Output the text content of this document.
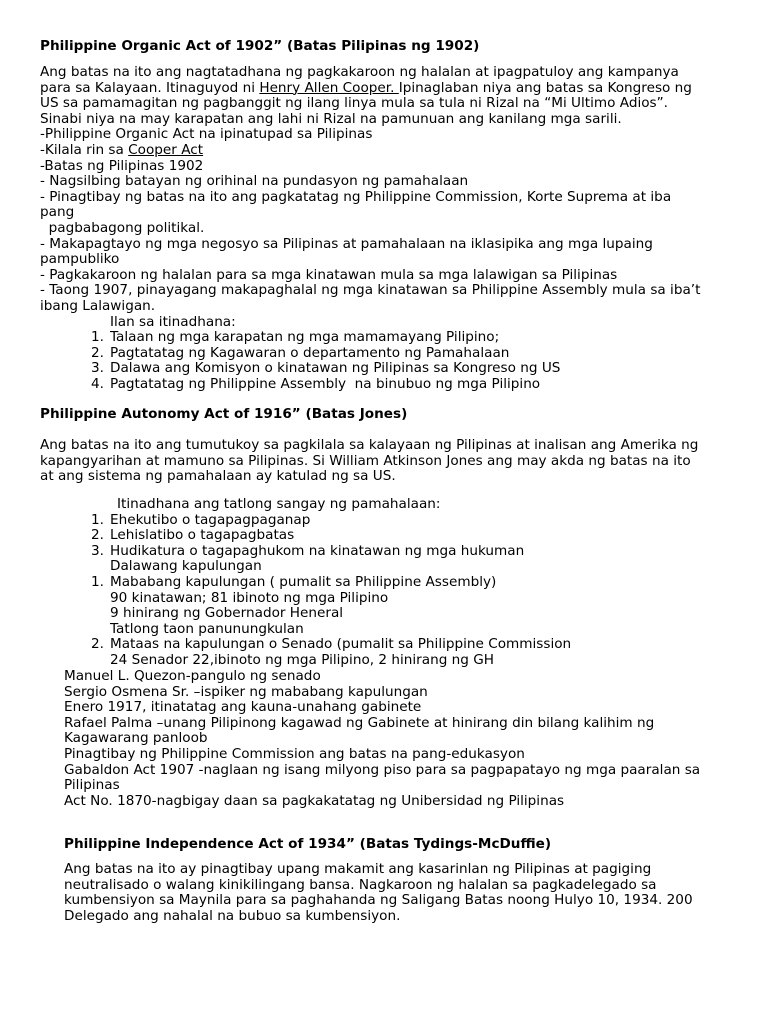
Philippine Organic Act of 1902” (Batas Pilipinas ng 1902)
Ang batas na ito ang nagtatadhana ng pagkakaroon ng halalan at ipagpatuloy ang kampanya
para sa Kalayaan. Itinaguyod ni Henry Allen Cooper. Ipinaglaban niya ang batas sa Kongreso ng
US sa pamamagitan ng pagbanggit ng ilang linya mula sa tula ni Rizal na “Mi Ultimo Adios”.
Sinabi niya na may karapatan ang lahi ni Rizal na pamunuan ang kanilang mga sarili.
-Philippine Organic Act na ipinatupad sa Pilipinas
-Kilala rin sa Cooper Act
-Batas ng Pilipinas 1902
- Nagsilbing batayan ng orihinal na pundasyon ng pamahalaan
- Pinagtibay ng batas na ito ang pagkatatag ng Philippine Commission, Korte Suprema at iba
pang
pagbabagong politikal.
- Makapagtayo ng mga negosyo sa Pilipinas at pamahalaan na iklasipika ang mga lupaing
pampubliko
- Pagkakaroon ng halalan para sa mga kinatawan mula sa mga lalawigan sa Pilipinas
- Taong 1907, pinayagang makapaghalal ng mga kinatawan sa Philippine Assembly mula sa iba’t
ibang Lalawigan.
Ilan sa itinadhana:
1. Talaan ng mga karapatan ng mga mamamayang Pilipino;
2. Pagtatatag ng Kagawaran o departamento ng Pamahalaan
3. Dalawa ang Komisyon o kinatawan ng Pilipinas sa Kongreso ng US
4. Pagtatatag ng Philippine Assembly  na binubuo ng mga Pilipino
Philippine Autonomy Act of 1916” (Batas Jones)
Ang batas na ito ang tumutukoy sa pagkilala sa kalayaan ng Pilipinas at inalisan ang Amerika ng
kapangyarihan at mamuno sa Pilipinas. Si William Atkinson Jones ang may akda ng batas na ito
at ang sistema ng pamahalaan ay katulad ng sa US.
Itinadhana ang tatlong sangay ng pamahalaan:
1. Ehekutibo o tagapagpaganap
2. Lehislatibo o tagapagbatas
3. Hudikatura o tagapaghukom na kinatawan ng mga hukuman
Dalawang kapulungan
1. Mababang kapulungan ( pumalit sa Philippine Assembly)
90 kinatawan; 81 ibinoto ng mga Pilipino
9 hinirang ng Gobernador Heneral
Tatlong taon panunungkulan
2. Mataas na kapulungan o Senado (pumalit sa Philippine Commission
24 Senador 22,ibinoto ng mga Pilipino, 2 hinirang ng GH
Manuel L. Quezon-pangulo ng senado
Sergio Osmena Sr. –ispiker ng mababang kapulungan
Enero 1917, itinatatag ang kauna-unahang gabinete
Rafael Palma –unang Pilipinong kagawad ng Gabinete at hinirang din bilang kalihim ng
Kagawarang panloob
Pinagtibay ng Philippine Commission ang batas na pang-edukasyon
Gabaldon Act 1907 -naglaan ng isang milyong piso para sa pagpapatayo ng mga paaralan sa
Pilipinas
Act No. 1870-nagbigay daan sa pagkakatatag ng Unibersidad ng Pilipinas
Philippine Independence Act of 1934” (Batas Tydings-McDuffie)
Ang batas na ito ay pinagtibay upang makamit ang kasarinlan ng Pilipinas at pagiging
neutralisado o walang kinikilingang bansa. Nagkaroon ng halalan sa pagkadelegado sa
kumbensiyon sa Maynila para sa paghahanda ng Saligang Batas noong Hulyo 10, 1934. 200
Delegado ang nahalal na bubuo sa kumbensiyon.
